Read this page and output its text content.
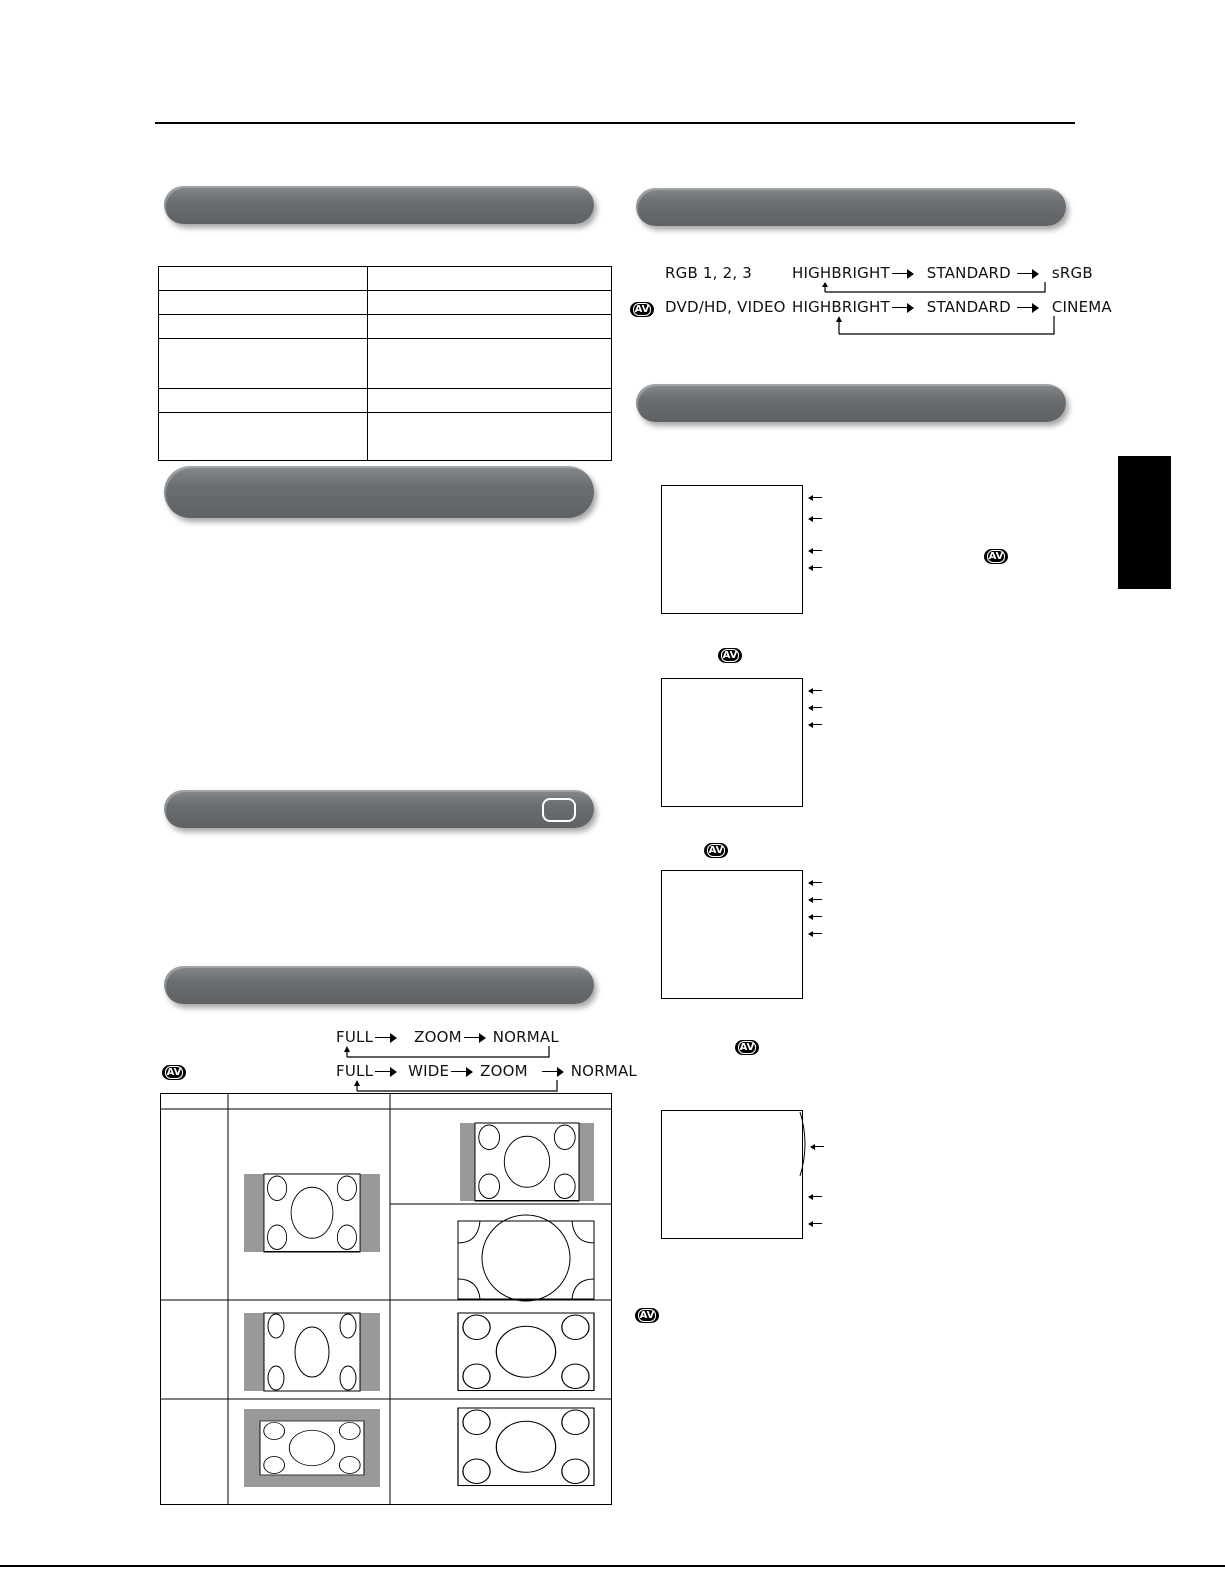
RGB 1, 2, 3	HIGHBRIGHT STANDARD	sRGB
AV	DVD/HD, VIDEO HIGHBRIGHT STANDARD	CINEMA
AV
AV
AV
AV
AV
FULL	ZOOM NORMAL
AV	FULL WIDE ZOOM	NORMAL
